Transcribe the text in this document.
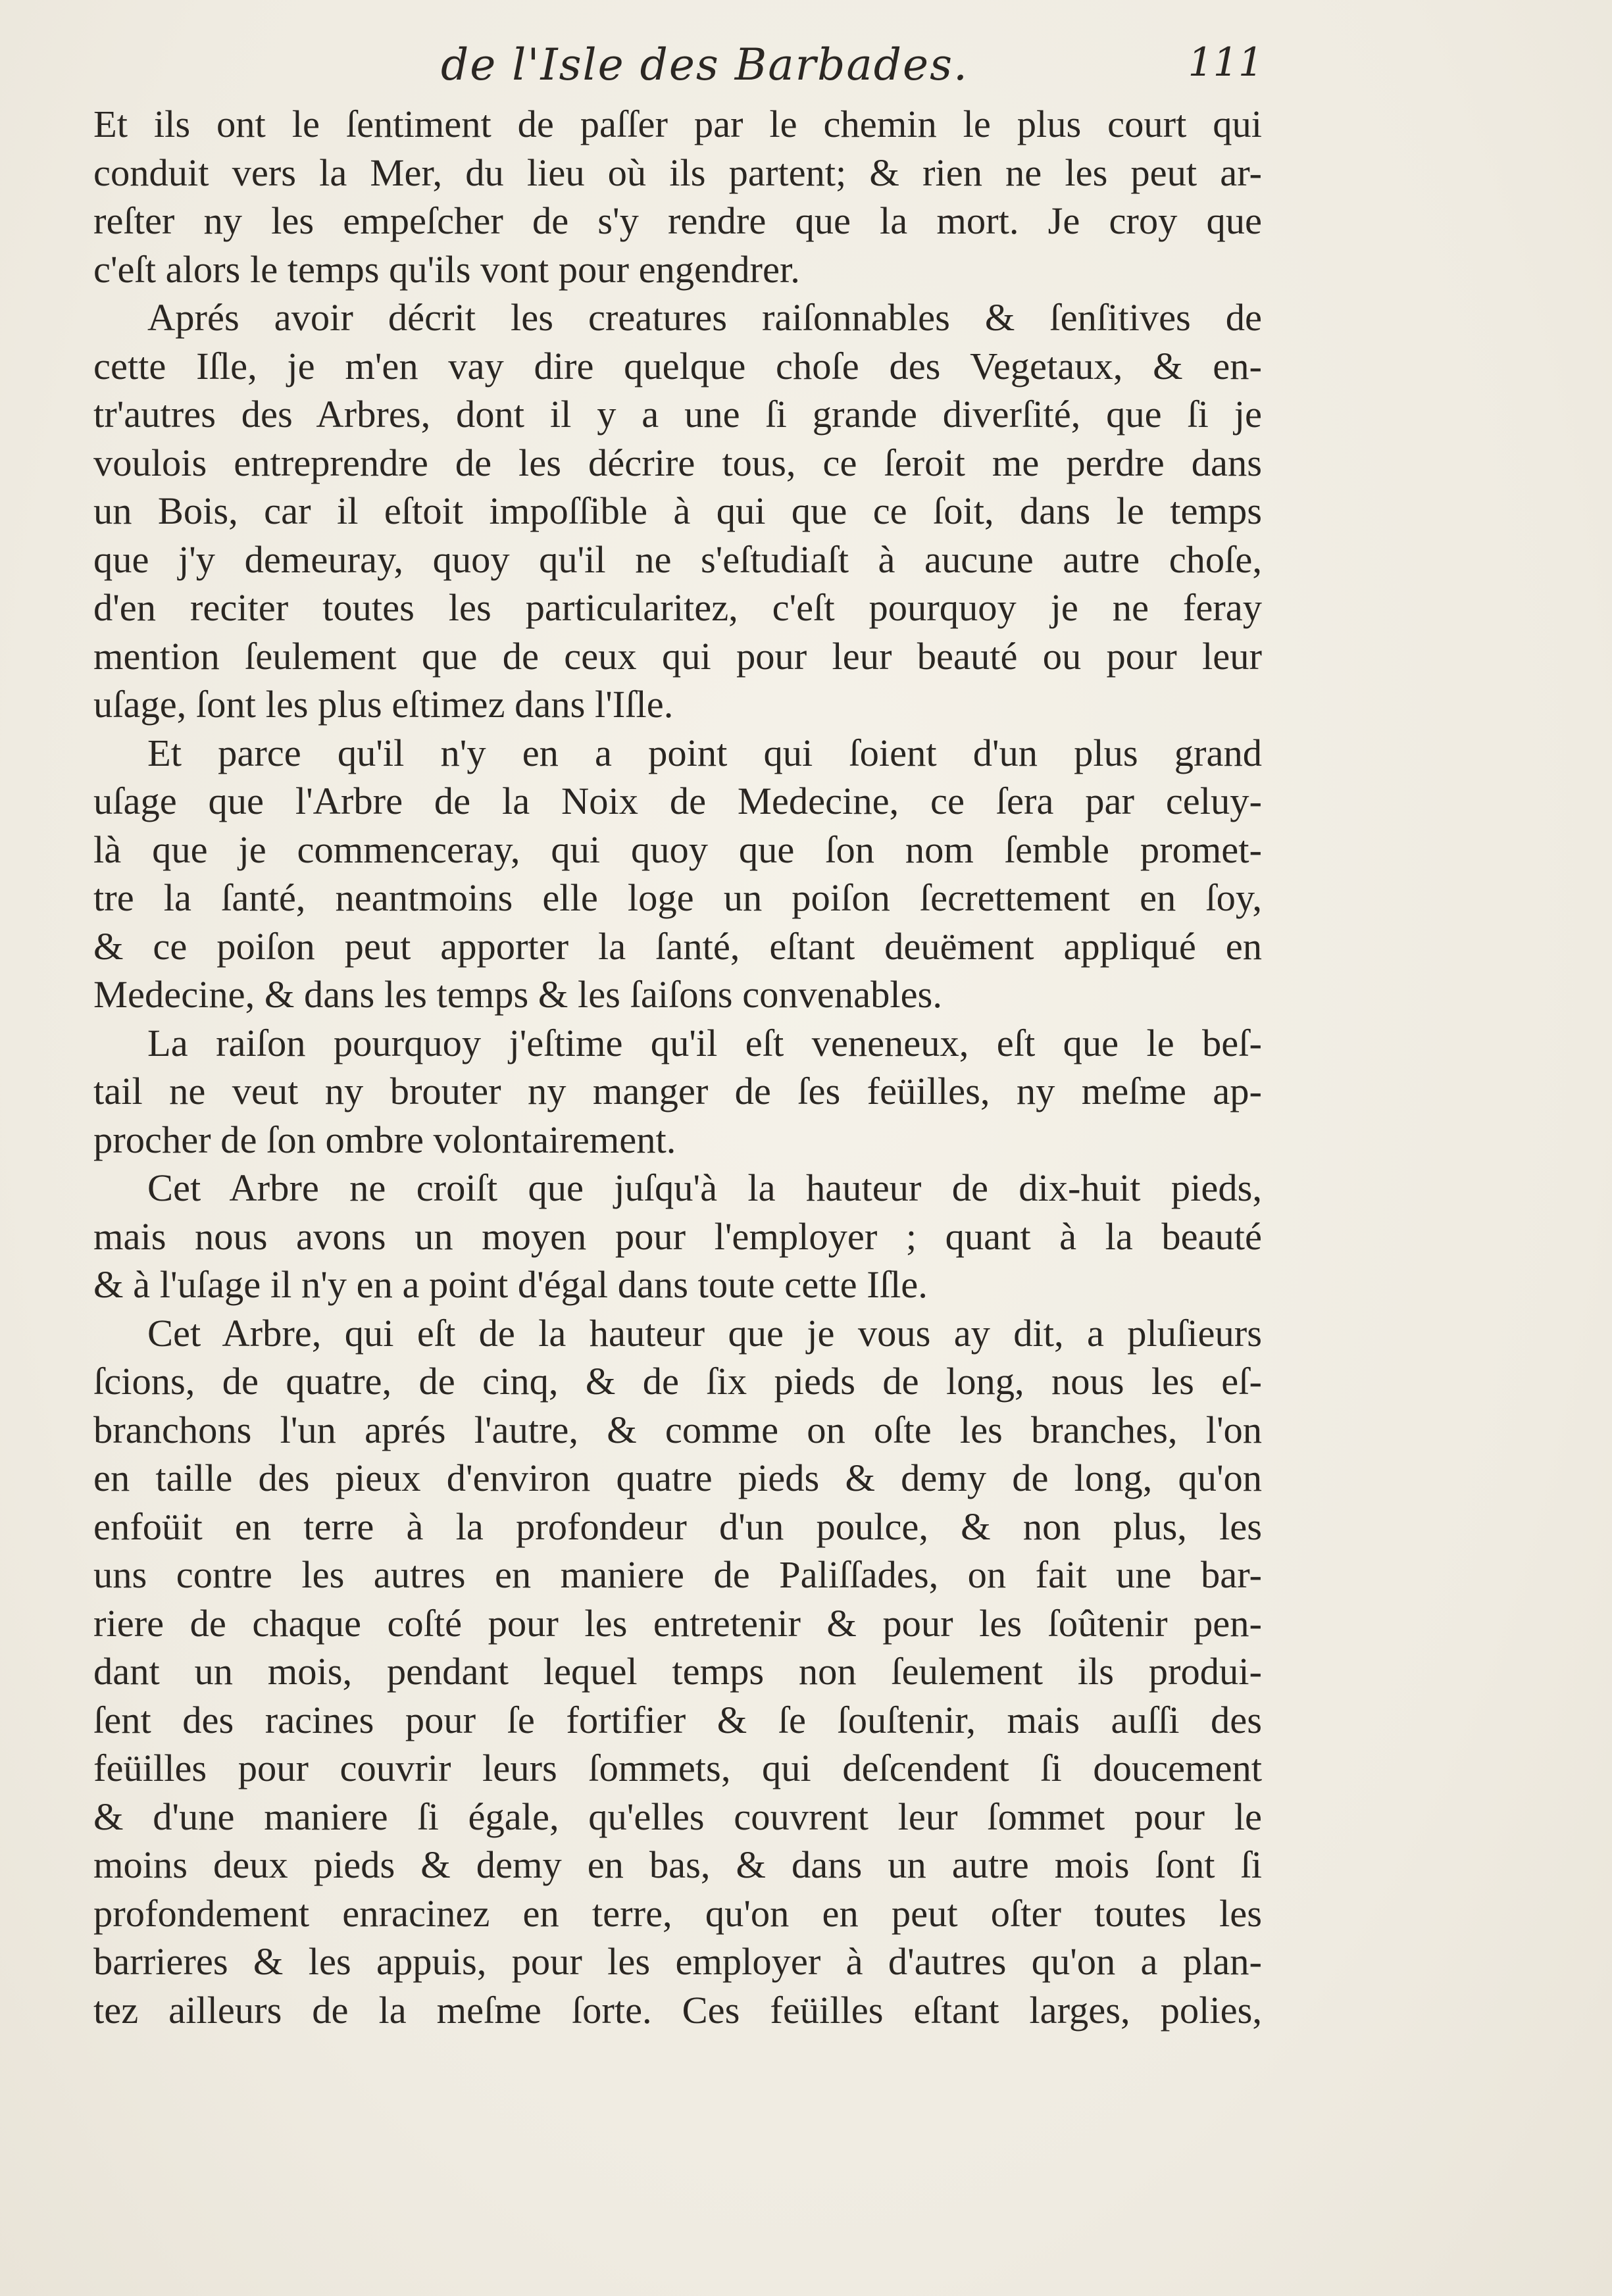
de l'Isle des Barbades.	111
Et ils ont le ſentiment de paſſer par le chemin le plus court qui
conduit vers la Mer, du lieu où ils partent; & rien ne les peut ar-
reſter ny les empeſcher de s'y rendre que la mort. Je croy que
c'eſt alors le temps qu'ils vont pour engendrer.
Aprés avoir décrit les creatures raiſonnables & ſenſitives de
cette Iſle, je m'en vay dire quelque choſe des Vegetaux, & en-
tr'autres des Arbres, dont il y a une ſi grande diverſité, que ſi je
voulois entreprendre de les décrire tous, ce ſeroit me perdre dans
un Bois, car il eſtoit impoſſible à qui que ce ſoit, dans le temps
que j'y demeuray, quoy qu'il ne s'eſtudiaſt à aucune autre choſe,
d'en reciter toutes les particularitez, c'eſt pourquoy je ne feray
mention ſeulement que de ceux qui pour leur beauté ou pour leur
uſage, ſont les plus eſtimez dans l'Iſle.
Et parce qu'il n'y en a point qui ſoient d'un plus grand
uſage que l'Arbre de la Noix de Medecine, ce ſera par celuy-
là que je commenceray, qui quoy que ſon nom ſemble promet-
tre la ſanté, neantmoins elle loge un poiſon ſecrettement en ſoy,
& ce poiſon peut apporter la ſanté, eſtant deuëment appliqué en
Medecine, & dans les temps & les ſaiſons convenables.
La raiſon pourquoy j'eſtime qu'il eſt veneneux, eſt que le beſ-
tail ne veut ny brouter ny manger de ſes feüilles, ny meſme ap-
procher de ſon ombre volontairement.
Cet Arbre ne croiſt que juſqu'à la hauteur de dix-huit pieds,
mais nous avons un moyen pour l'employer ; quant à la beauté
& à l'uſage il n'y en a point d'égal dans toute cette Iſle.
Cet Arbre, qui eſt de la hauteur que je vous ay dit, a pluſieurs
ſcions, de quatre, de cinq, & de ſix pieds de long, nous les eſ-
branchons l'un aprés l'autre, & comme on oſte les branches, l'on
en taille des pieux d'environ quatre pieds & demy de long, qu'on
enfoüit en terre à la profondeur d'un poulce, & non plus, les
uns contre les autres en maniere de Paliſſades, on fait une bar-
riere de chaque coſté pour les entretenir & pour les ſoûtenir pen-
dant un mois, pendant lequel temps non ſeulement ils produi-
ſent des racines pour ſe fortifier & ſe ſouſtenir, mais auſſi des
feüilles pour couvrir leurs ſommets, qui deſcendent ſi doucement
& d'une maniere ſi égale, qu'elles couvrent leur ſommet pour le
moins deux pieds & demy en bas, & dans un autre mois ſont ſi
profondement enracinez en terre, qu'on en peut oſter toutes les
barrieres & les appuis, pour les employer à d'autres qu'on a plan-
tez ailleurs de la meſme ſorte. Ces feüilles eſtant larges, polies,
